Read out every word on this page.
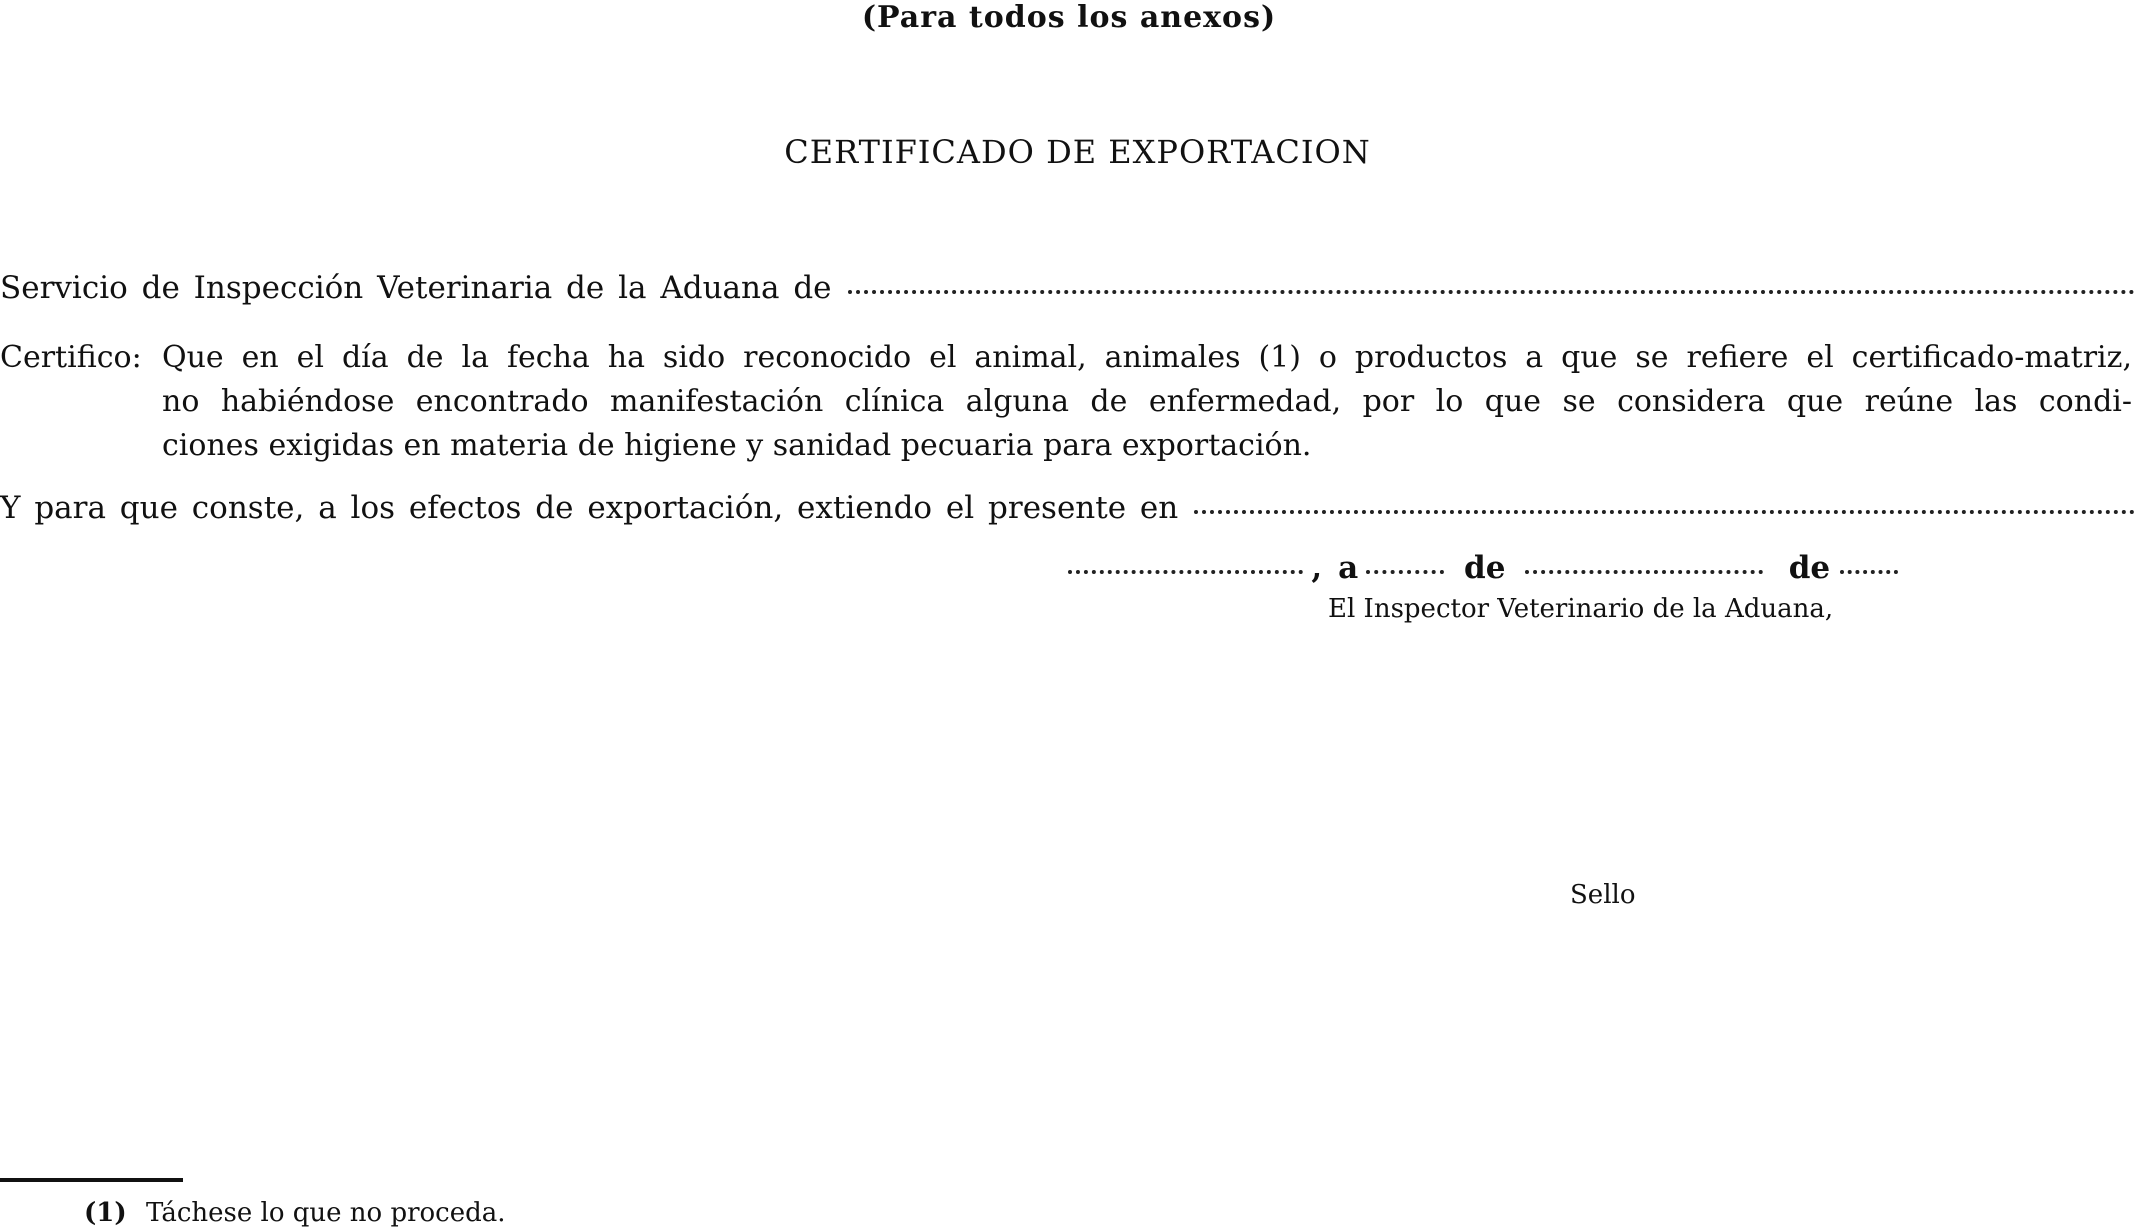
(Para todos los anexos)
CERTIFICADO DE EXPORTACION
Servicio de Inspección Veterinaria de la Aduana de
Certifico: Que en el día de la fecha ha sido reconocido el animal, animales (1) o productos a que se refiere el certificado-matriz,
no habiéndose encontrado manifestación clínica alguna de enfermedad, por lo que se considera que reúne las condi-
ciones exigidas en materia de higiene y sanidad pecuaria para exportación.
Y para que conste, a los efectos de exportación, extiendo el presente en
, a	de	de
El Inspector Veterinario de la Aduana,
Sello
(1) Táchese lo que no proceda.
